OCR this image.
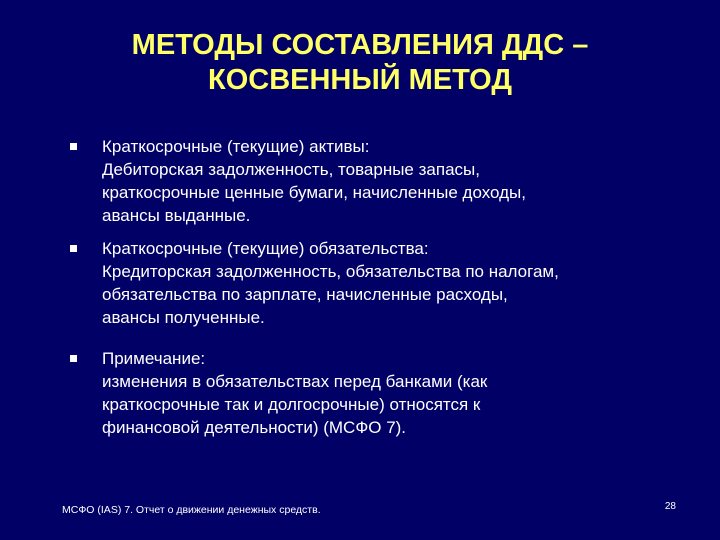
МЕТОДЫ СОСТАВЛЕНИЯ ДДС –
КОСВЕННЫЙ МЕТОД
Краткосрочные (текущие) активы:
Дебиторская задолженность, товарные запасы,
краткосрочные ценные бумаги, начисленные доходы,
авансы выданные.
Краткосрочные (текущие) обязательства:
Кредиторская задолженность, обязательства по налогам,
обязательства по зарплате, начисленные расходы,
авансы полученные.
Примечание:
изменения в обязательствах перед банками (как
краткосрочные так и долгосрочные) относятся к
финансовой деятельности) (МСФО 7).
МСФО (IAS) 7. Отчет о движении денежных средств.	28
